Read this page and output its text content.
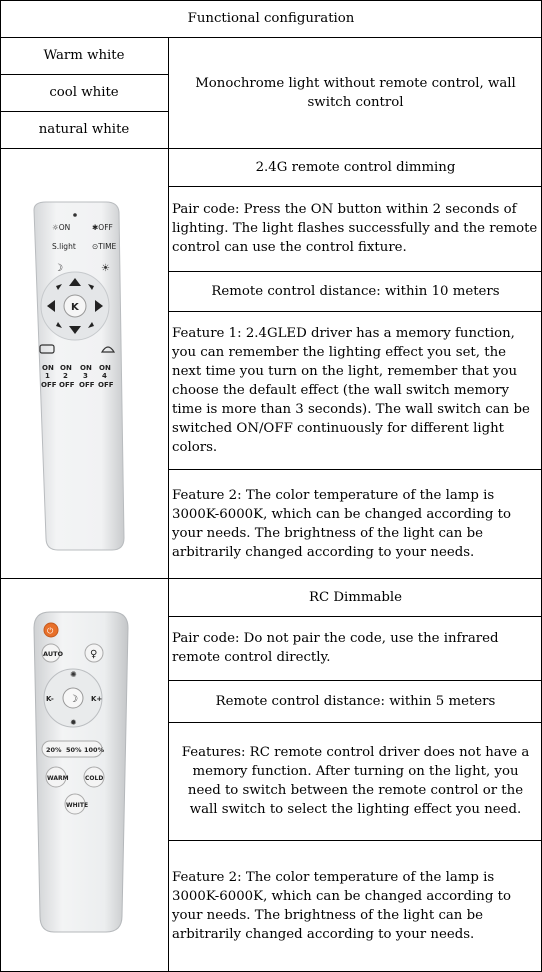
Functional configuration
Warm white
cool white
natural white
Monochrome light without remote control, wall switch control
2.4G remote control dimming
Pair code: Press the ON button within 2 seconds of lighting. The light flashes successfully and the remote control can use the control fixture.
Remote control distance: within 10 meters
Feature 1: 2.4GLED driver has a memory function, you can remember the lighting effect you set, the next time you turn on the light, remember that you choose the default effect (the wall switch memory time is more than 3 seconds). The wall switch can be switched ON/OFF continuously for different light colors.
Feature 2: The color temperature of the lamp is 3000K-6000K, which can be changed according to your needs. The brightness of the light can be arbitrarily changed according to your needs.
RC Dimmable
Pair code: Do not pair the code, use the infrared remote control directly.
Remote control distance: within 5 meters
Features: RC remote control driver does not have a memory function. After turning on the light, you need to switch between the remote control or the wall switch to select the lighting effect you need.
Feature 2: The color temperature of the lamp is 3000K-6000K, which can be changed according to your needs. The brightness of the light can be arbitrarily changed according to your needs.
☼ON	✱OFF
S.light ⊙TIME
☽	☀
K
ON ON ON ON
1 2 3 4
OFF OFF OFF OFF
⏻
AUTO	♀
✺
✹
K-	K+
☽
20% 50% 100%
WARM	COLD
WHITE
